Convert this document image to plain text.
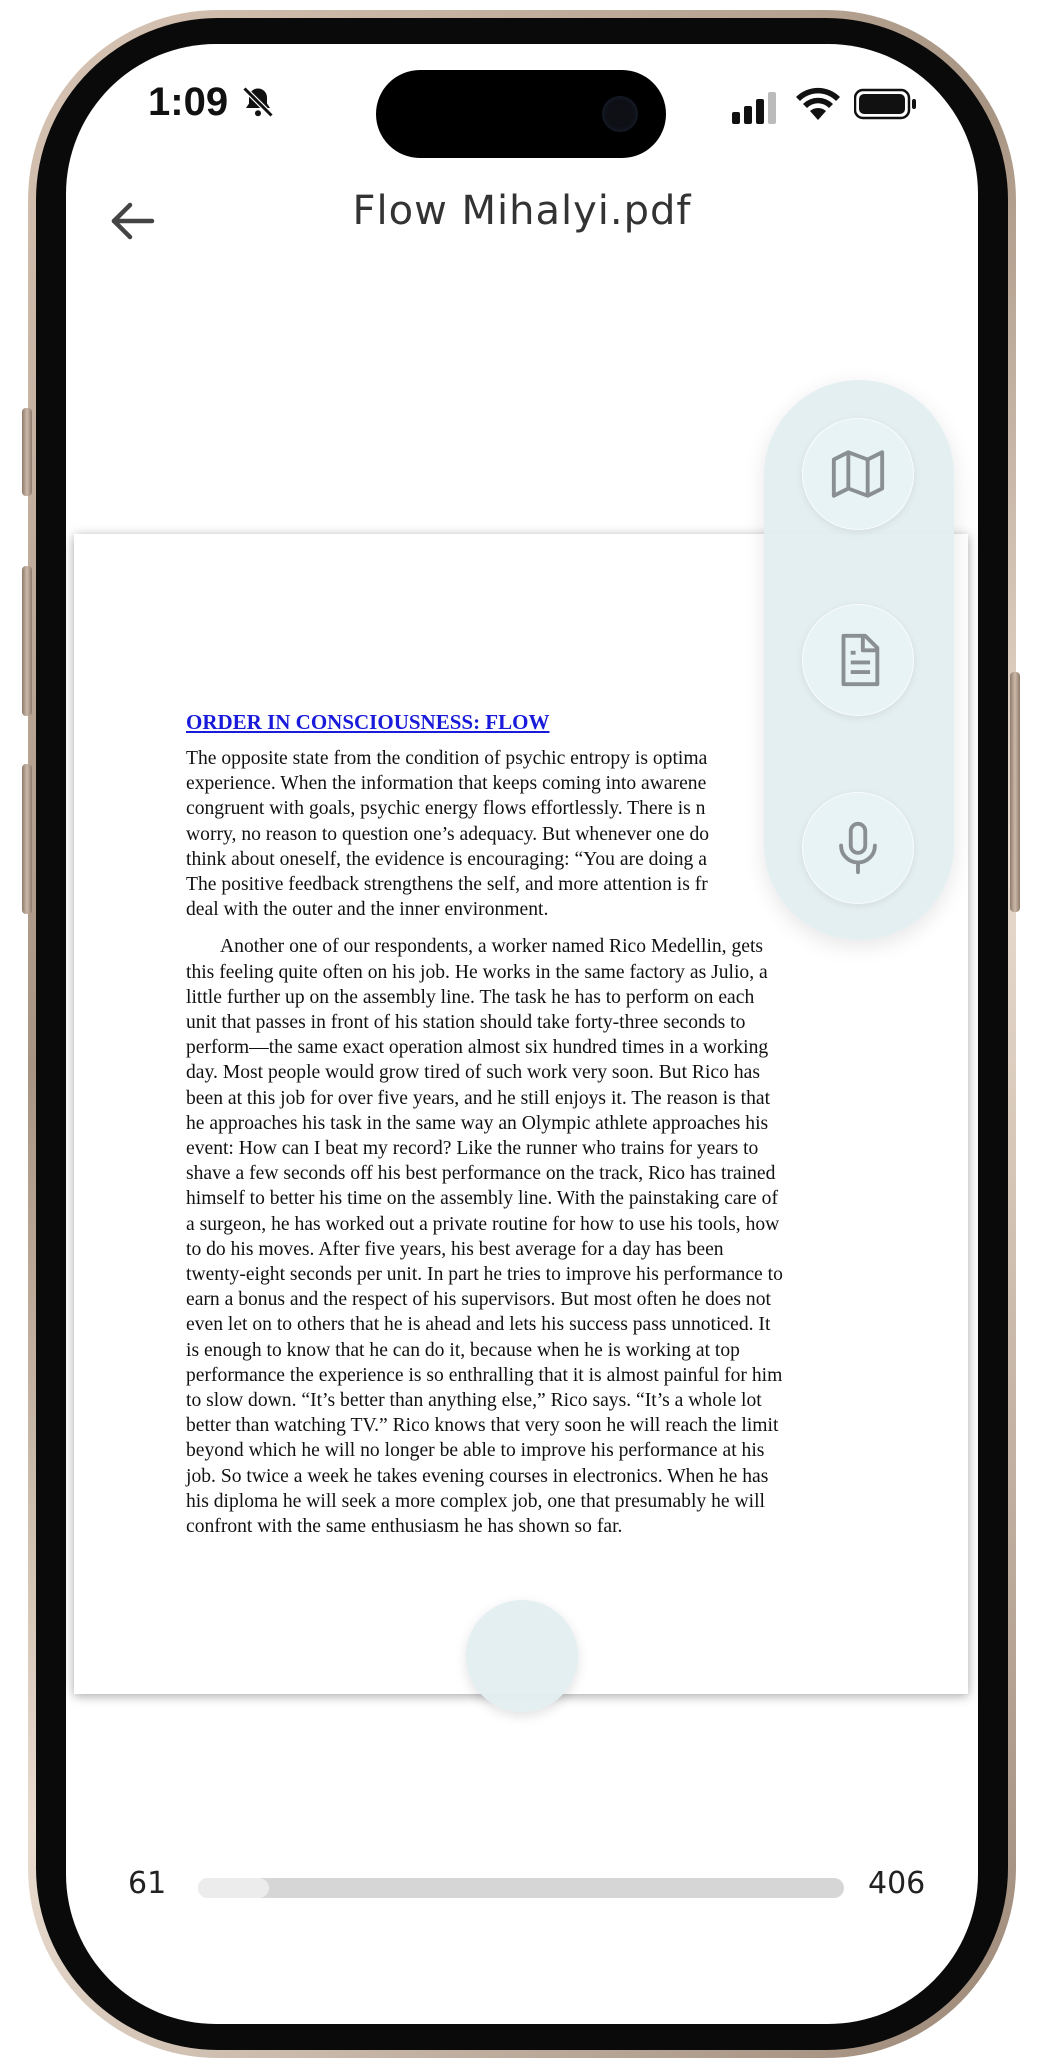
1:09
Flow Mihalyi.pdf
ORDER IN CONSCIOUSNESS: FLOW

The opposite state from the condition of psychic entropy is optima
experience. When the information that keeps coming into awarene
congruent with goals, psychic energy flows effortlessly. There is n
worry, no reason to question one’s adequacy. But whenever one do
think about oneself, the evidence is encouraging: “You are doing a
The positive feedback strengthens the self, and more attention is fr
deal with the outer and the inner environment.

Another one of our respondents, a worker named Rico Medellin, gets
this feeling quite often on his job. He works in the same factory as Julio, a
little further up on the assembly line. The task he has to perform on each
unit that passes in front of his station should take forty-three seconds to
perform—the same exact operation almost six hundred times in a working
day. Most people would grow tired of such work very soon. But Rico has
been at this job for over five years, and he still enjoys it. The reason is that
he approaches his task in the same way an Olympic athlete approaches his
event: How can I beat my record? Like the runner who trains for years to
shave a few seconds off his best performance on the track, Rico has trained
himself to better his time on the assembly line. With the painstaking care of
a surgeon, he has worked out a private routine for how to use his tools, how
to do his moves. After five years, his best average for a day has been
twenty-eight seconds per unit. In part he tries to improve his performance to
earn a bonus and the respect of his supervisors. But most often he does not
even let on to others that he is ahead and lets his success pass unnoticed. It
is enough to know that he can do it, because when he is working at top
performance the experience is so enthralling that it is almost painful for him
to slow down. “It’s better than anything else,” Rico says. “It’s a whole lot
better than watching TV.” Rico knows that very soon he will reach the limit
beyond which he will no longer be able to improve his performance at his
job. So twice a week he takes evening courses in electronics. When he has
his diploma he will seek a more complex job, one that presumably he will
confront with the same enthusiasm he has shown so far.

61	406
